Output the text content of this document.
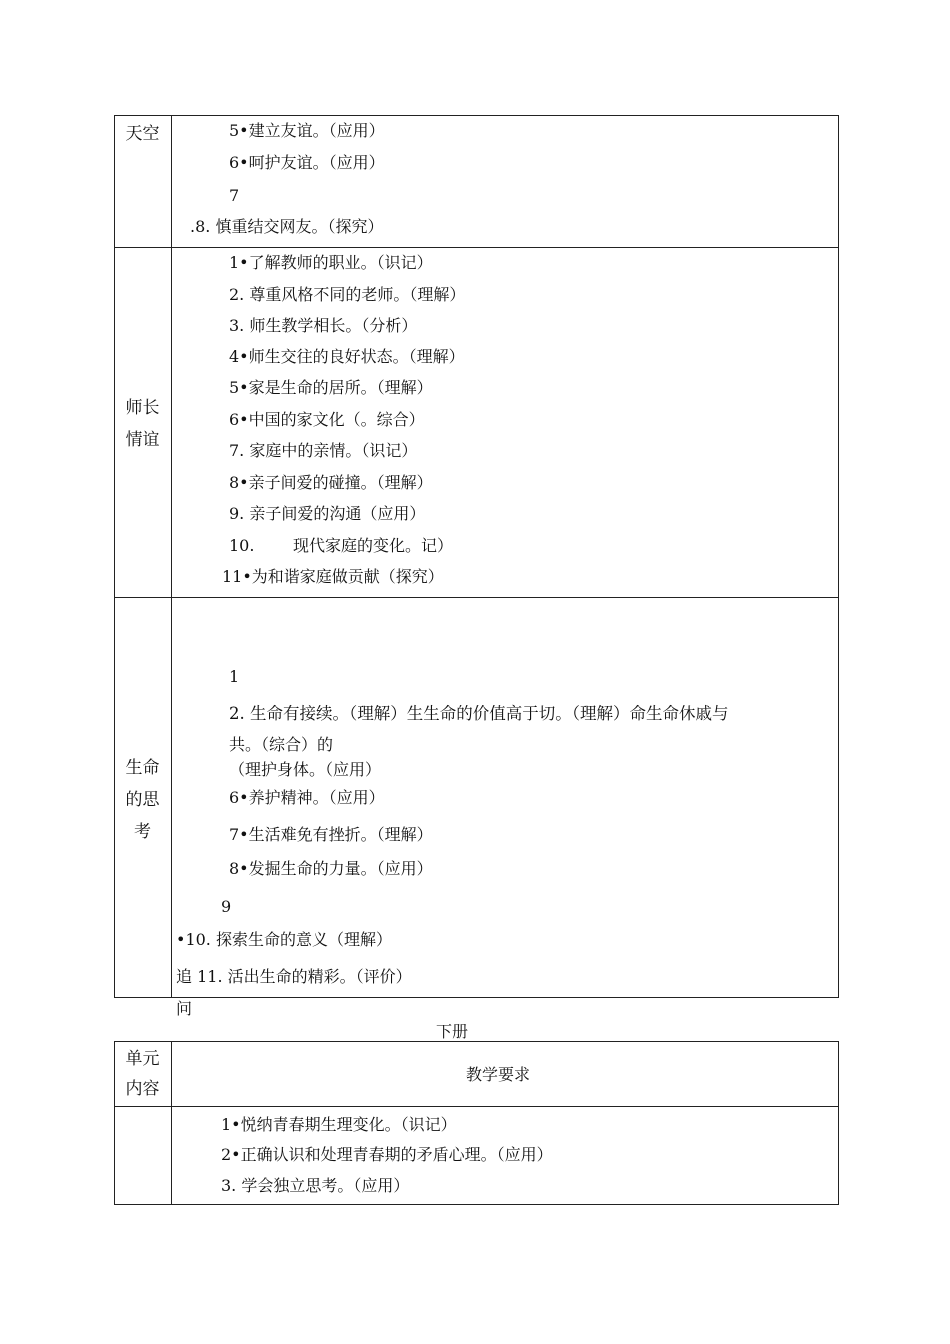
天空	5•建立友谊。（应用）
6•呵护友谊。（应用）
7
.8. 慎重结交网友。（探究）
师长
情谊
1•了解教师的职业。（识记）
2. 尊重风格不同的老师。（理解）
3. 师生教学相长。（分析）
4•师生交往的良好状态。（理解）
5•家是生命的居所。（理解）
6•中国的家文化（。综合）
7. 家庭中的亲情。（识记）
8•亲子间爱的碰撞。（理解）
9. 亲子间爱的沟通（应用）
10. 现代家庭的变化。记）
11•为和谐家庭做贡献（探究）
生命
的思
考
1
2. 生命有接续。（理解）生生命的价值高于切。（理解）命生命休戚与
共。（综合）的
（理护身体。（应用）
6•养护精神。（应用）
7•生活难免有挫折。（理解）
8•发掘生命的力量。（应用）
9
•10. 探索生命的意义（理解）
追 11. 活出生命的精彩。（评价）
问
下册
单元
内容
教学要求
1•悦纳青春期生理变化。（识记）
2•正确认识和处理青春期的矛盾心理。（应用）
3. 学会独立思考。（应用）
